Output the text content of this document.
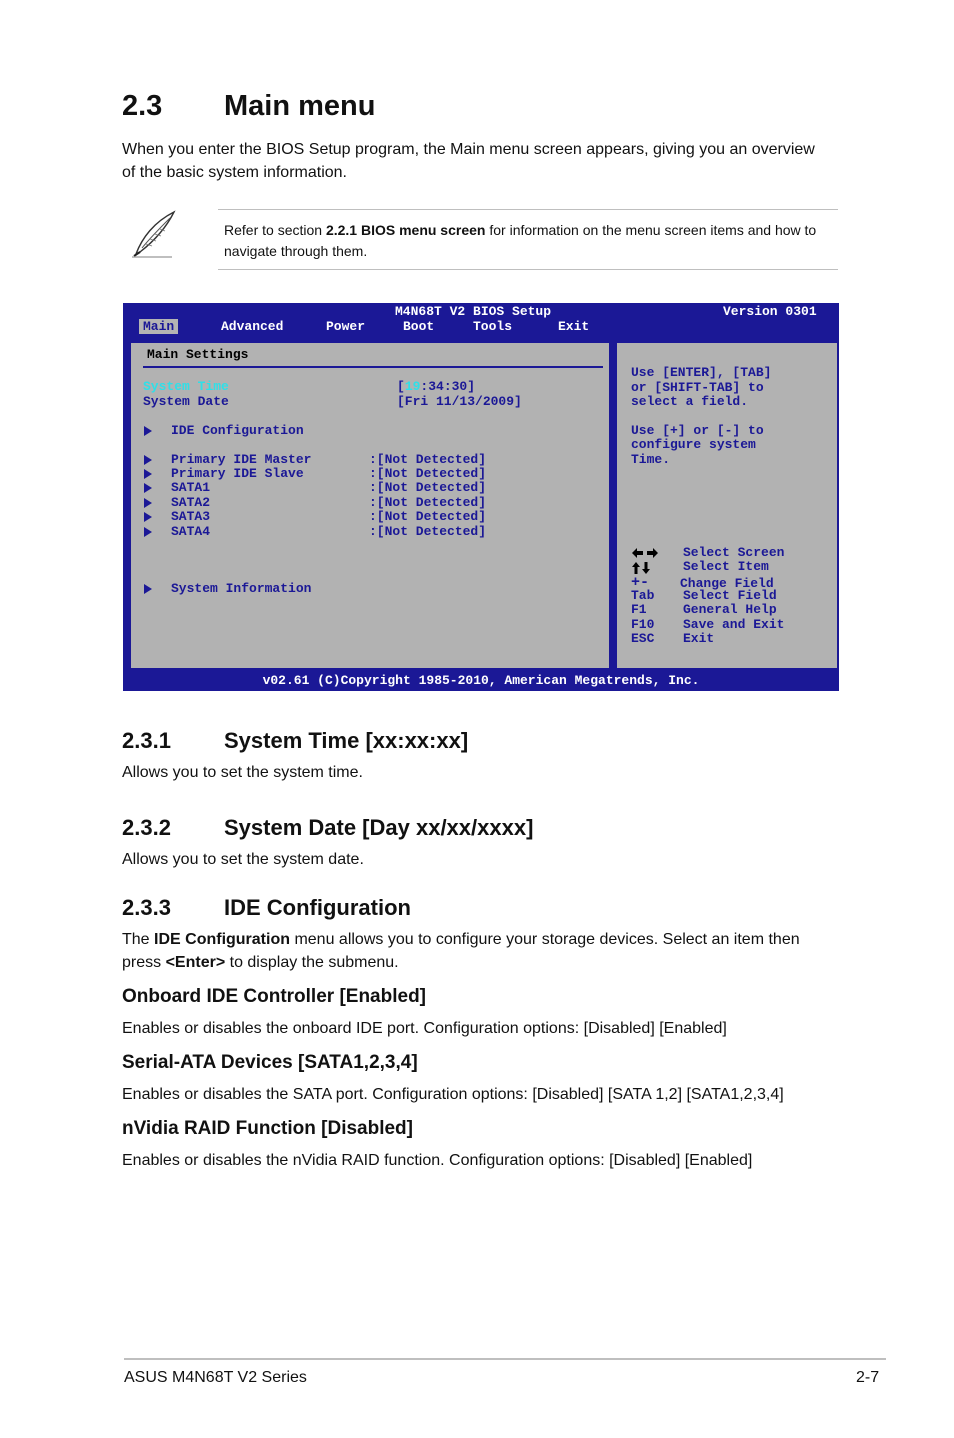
2.3 Main menu
When you enter the BIOS Setup program, the Main menu screen appears, giving you an overview of the basic system information.
Refer to section 2.2.1 BIOS menu screen for information on the menu screen items and how to navigate through them.
M4N68T V2 BIOS Setup	Version 0301
Main	Advanced	Power	Boot	Tools	Exit
Main Settings
System Time	[19:34:30]
System Date	[Fri 11/13/2009]
IDE Configuration
Primary IDE Master	:[Not Detected]
Primary IDE Slave	:[Not Detected]
SATA1	:[Not Detected]
SATA2	:[Not Detected]
SATA3	:[Not Detected]
SATA4	:[Not Detected]
System Information
Use [ENTER], [TAB]
or [SHIFT-TAB] to
select a field.
Use [+] or [-] to
configure system
Time.
Select Screen
Select Item
+- Change Field
Tab Select Field
F1	General Help
F10 Save and Exit
ESC Exit
v02.61 (C)Copyright 1985-2010, American Megatrends, Inc.
2.3.1 System Time [xx:xx:xx]
Allows you to set the system time.
2.3.2 System Date [Day xx/xx/xxxx]
Allows you to set the system date.
2.3.3 IDE Configuration
The IDE Configuration menu allows you to configure your storage devices. Select an item then press <Enter> to display the submenu.
Onboard IDE Controller [Enabled]
Enables or disables the onboard IDE port. Configuration options: [Disabled] [Enabled]
Serial-ATA Devices [SATA1,2,3,4]
Enables or disables the SATA port. Configuration options: [Disabled] [SATA 1,2] [SATA1,2,3,4]
nVidia RAID Function [Disabled]
Enables or disables the nVidia RAID function. Configuration options: [Disabled] [Enabled]
ASUS M4N68T V2 Series	2-7
